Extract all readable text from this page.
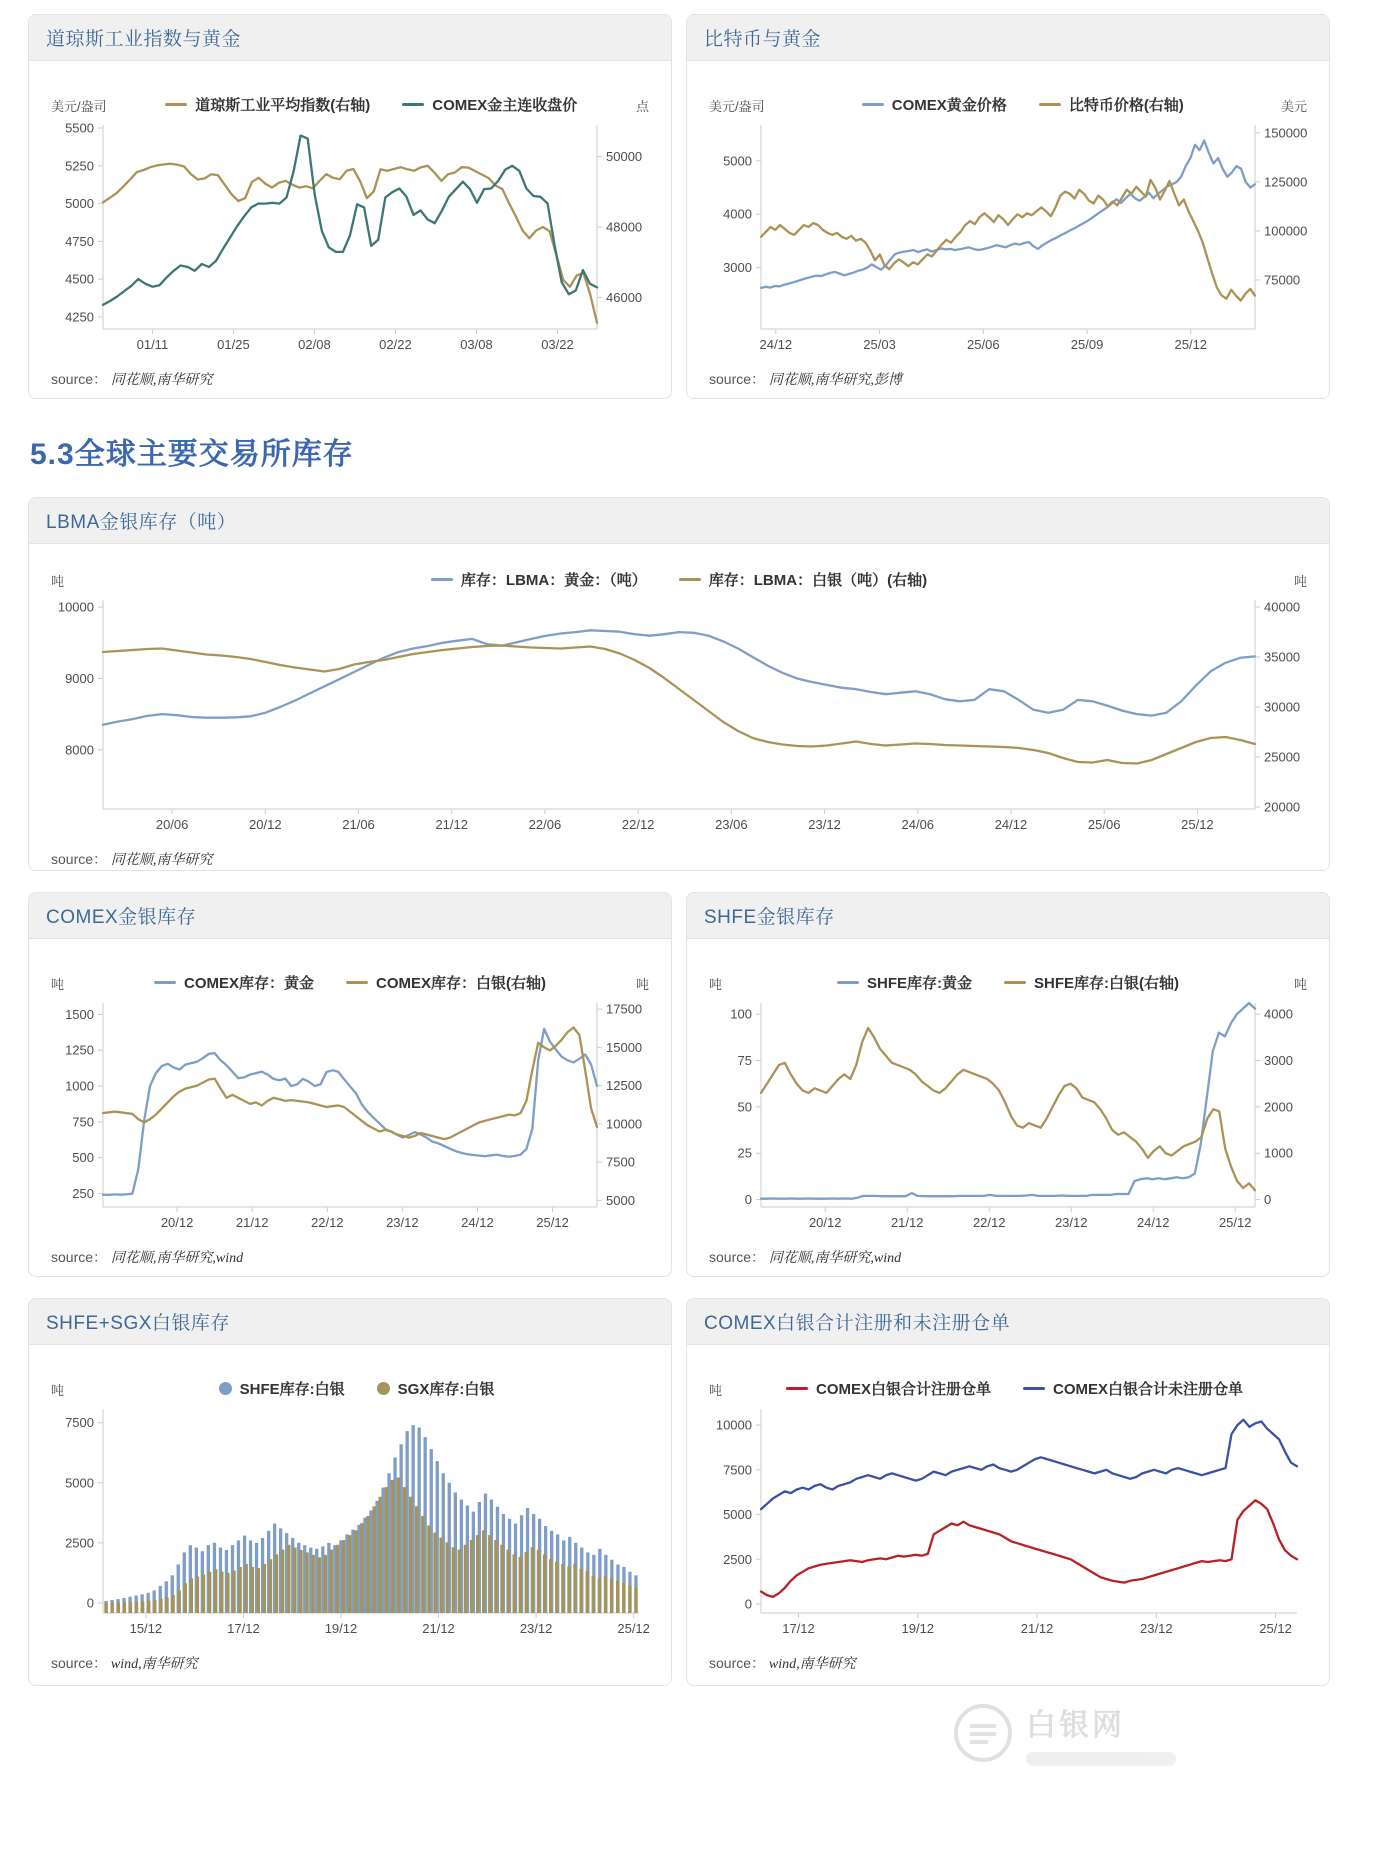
道琼斯工业指数与黄金
美元/盎司	道琼斯工业平均指数(右轴)	COMEX金主连收盘价	点
4250
4500
4750
5000
5250
5500
46000
48000
50000
01/11	01/25	02/08	02/22	03/08	03/22
source： 同花顺,南华研究
比特币与黄金
美元/盎司	COMEX黄金价格	比特币价格(右轴)	美元
3000
4000
5000
75000
100000
125000
150000
24/12	25/03	25/06	25/09	25/12
source： 同花顺,南华研究,彭博
5.3全球主要交易所库存
LBMA金银库存（吨）
吨	库存：LBMA：黄金：（吨）	库存：LBMA：白银（吨）(右轴)	吨
8000
9000
10000
20000
25000
30000
35000
40000
20/06	20/12	21/06	21/12	22/06	22/12	23/06	23/12	24/06	24/12	25/06	25/12
source： 同花顺,南华研究
COMEX金银库存
吨	COMEX库存：黄金	COMEX库存：白银(右轴)	吨
250
500
750
1000
1250
1500
5000
7500
10000
12500
15000
17500
20/12	21/12	22/12	23/12	24/12	25/12
source： 同花顺,南华研究,wind
SHFE金银库存
吨	SHFE库存:黄金	SHFE库存:白银(右轴)	吨
0
25
50
75
100
0
1000
2000
3000
4000
20/12	21/12	22/12	23/12	24/12	25/12
source： 同花顺,南华研究,wind
SHFE+SGX白银库存
吨	SHFE库存:白银	SGX库存:白银
0
2500
5000
7500
15/12	17/12	19/12	21/12	23/12	25/12
source： wind,南华研究
COMEX白银合计注册和未注册仓单
吨	COMEX白银合计注册仓单	COMEX白银合计未注册仓单
0
2500
5000
7500
10000
17/12	19/12	21/12	23/12	25/12
source： wind,南华研究
白银网
